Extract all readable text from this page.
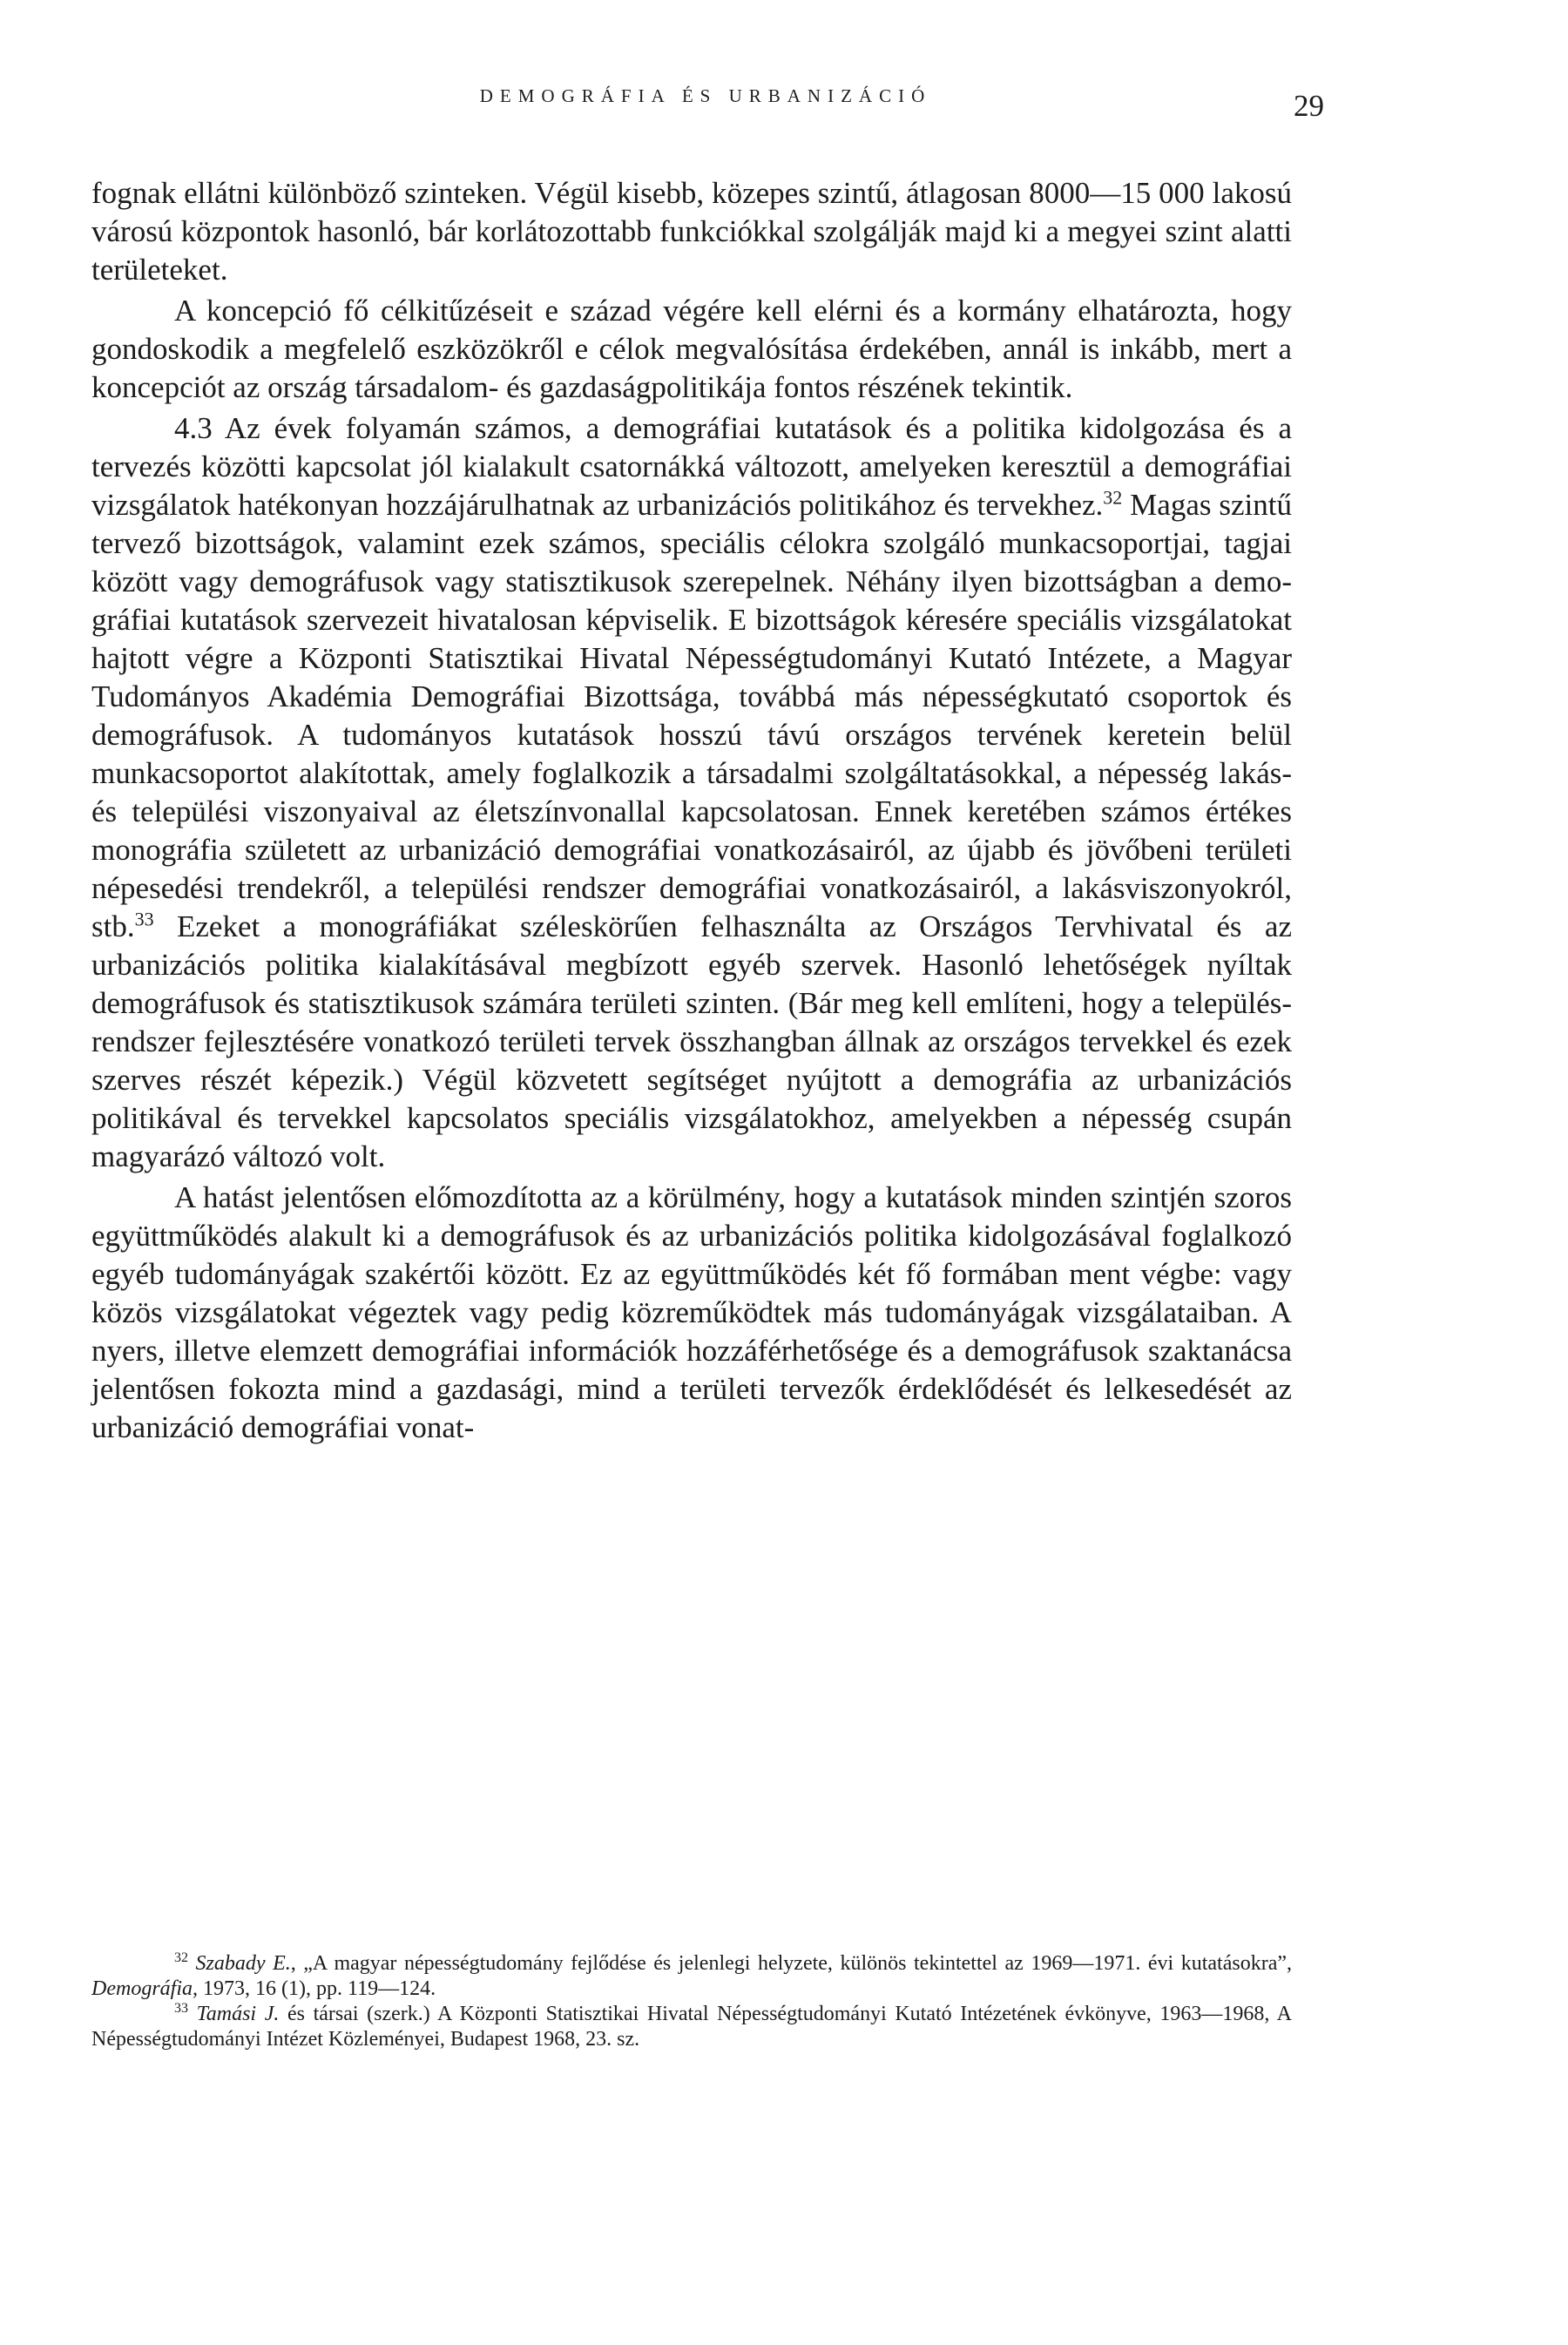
DEMOGRÁFIA ÉS URBANIZÁCIÓ	29

fognak ellátni különböző szinteken. Végül kisebb, közepes szintű, átlagosan 8000—15 000 lakosú városú központok hasonló, bár korlátozottabb funkciókkal szolgálják majd ki a megyei szint alatti területeket.

A koncepció fő célkitűzéseit e század végére kell elérni és a kormány elhatározta, hogy gondoskodik a megfelelő eszközökről e célok megvalósítása érdekében, annál is inkább, mert a koncepciót az ország társadalom- és gazdaságpolitikája fontos részének tekintik.

4.3 Az évek folyamán számos, a demográfiai kutatások és a politika kidolgozása és a tervezés közötti kapcsolat jól kialakult csatornákká változott, amelyeken keresztül a demográfiai vizsgálatok hatékonyan hozzájárulhatnak az urbanizációs politikához és tervekhez.$^{32}$ Magas szintű tervező bizottságok, valamint ezek számos, speciális célokra szolgáló munkacsoportjai, tagjai között vagy demográfusok vagy statisztikusok szerepelnek. Néhány ilyen bizottságban a demográfiai kutatások szervezeit hivatalosan képviselik. E bizottságok kéresére speciális vizsgálatokat hajtott végre a Központi Statisztikai Hivatal Népességtudományi Kutató Intézete, a Magyar Tudományos Akadémia Demográfiai Bizottsága, továbbá más népességkutató csoportok és demográfusok. A tudományos kutatások hosszú távú országos tervének keretein belül munkacsoportot alakítottak, amely foglalkozik a társadalmi szolgáltatásokkal, a népesség lakás- és települési viszonyaival az életszínvonallal kapcsolatosan. Ennek keretében számos értékes monográfia született az urbanizáció demográfiai vonatkozásairól, az újabb és jövőbeni területi népesedési trendekről, a települési rendszer demográfiai vonatkozásairól, a lakásviszonyokról, stb.$^{33}$ Ezeket a monográfiákat széleskörűen felhasználta az Országos Tervhivatal és az urbanizációs politika kialakításával megbízott egyéb szervek. Hasonló lehetőségek nyíltak demográfusok és statisztikusok számára területi szinten. (Bár meg kell említeni, hogy a településrendszer fejlesztésére vonatkozó területi tervek összhangban állnak az országos tervekkel és ezek szerves részét képezik.) Végül közvetett segítséget nyújtott a demográfia az urbanizációs politikával és tervekkel kapcsolatos speciális vizsgálatokhoz, amelyekben a népesség csupán magyarázó változó volt.

A hatást jelentősen előmozdította az a körülmény, hogy a kutatások minden szintjén szoros együttműködés alakult ki a demográfusok és az urbanizációs politika kidolgozásával foglalkozó egyéb tudományágak szakértői között. Ez az együttműködés két fő formában ment végbe: vagy közös vizsgálatokat végeztek vagy pedig közreműködtek más tudományágak vizsgálataiban. A nyers, illetve elemzett demográfiai információk hozzáférhetősége és a demográfusok szaktanácsa jelentősen fokozta mind a gazdasági, mind a területi tervezők érdeklődését és lelkesedését az urbanizáció demográfiai vonat-

$^{32}$ Szabady E., „A magyar népességtudomány fejlődése és jelenlegi helyzete, különös tekintettel az 1969—1971. évi kutatásokra”, Demográfia, 1973, 16 (1), pp. 119—124.

$^{33}$ Tamási J. és társai (szerk.) A Központi Statisztikai Hivatal Népességtudományi Kutató Intézetének évkönyve, 1963—1968, A Népességtudományi Intézet Közleményei, Budapest 1968, 23. sz.
